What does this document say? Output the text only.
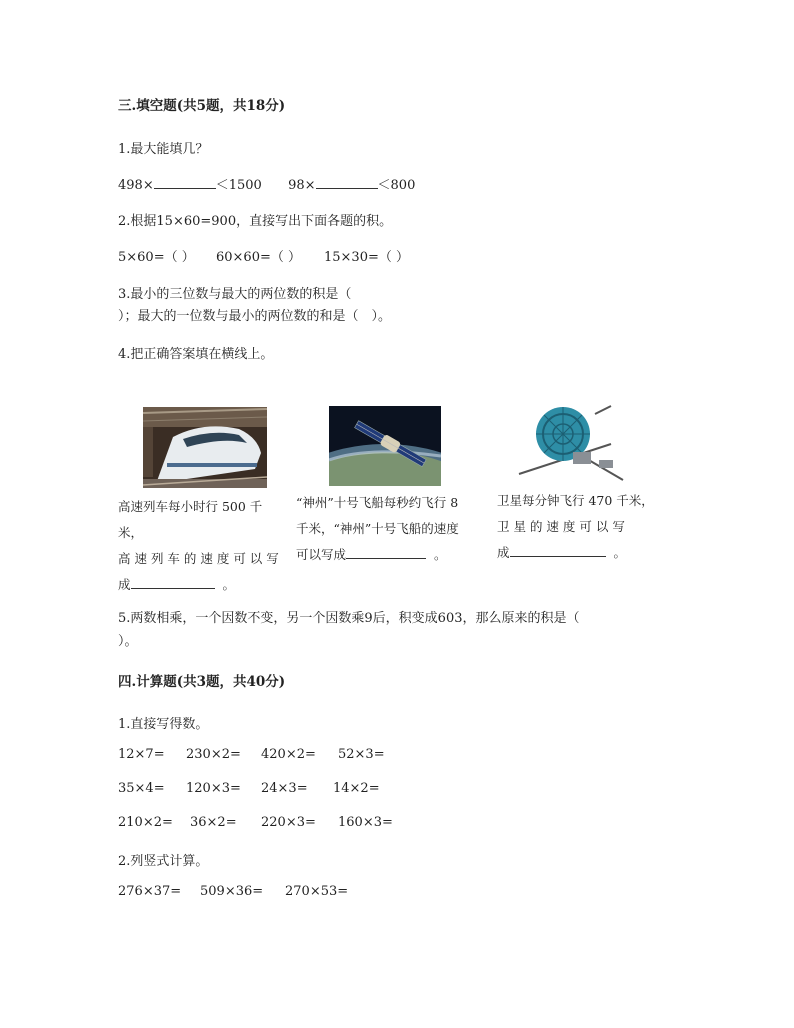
三.填空题(共5题，共18分)
1.最大能填几？
498×	＜1500 98×	＜800
2.根据15×60=900，直接写出下面各题的积。
5×60=（ ） 60×60=（ ） 15×30=（ ）
3.最小的三位数与最大的两位数的积是（
）；最大的一位数与最小的两位数的和是（　）。
4.把正确答案填在横线上。
高速列车每小时行 500 千米，
高 速 列 车 的 速 度 可 以 写
成	。
“神州”十号飞船每秒约飞行 8
千米，“神州”十号飞船的速度
可以写成	。
卫星每分钟飞行 470 千米，
卫 星 的 速 度 可 以 写
成	。
5.两数相乘，一个因数不变，另一个因数乘9后，积变成603，那么原来的积是（
）。
四.计算题(共3题，共40分)
1.直接写得数。
12×7= 230×2= 420×2= 52×3=
35×4= 120×3= 24×3= 14×2=
210×2= 36×2= 220×3= 160×3=
2.列竖式计算。
276×37= 509×36= 270×53=
